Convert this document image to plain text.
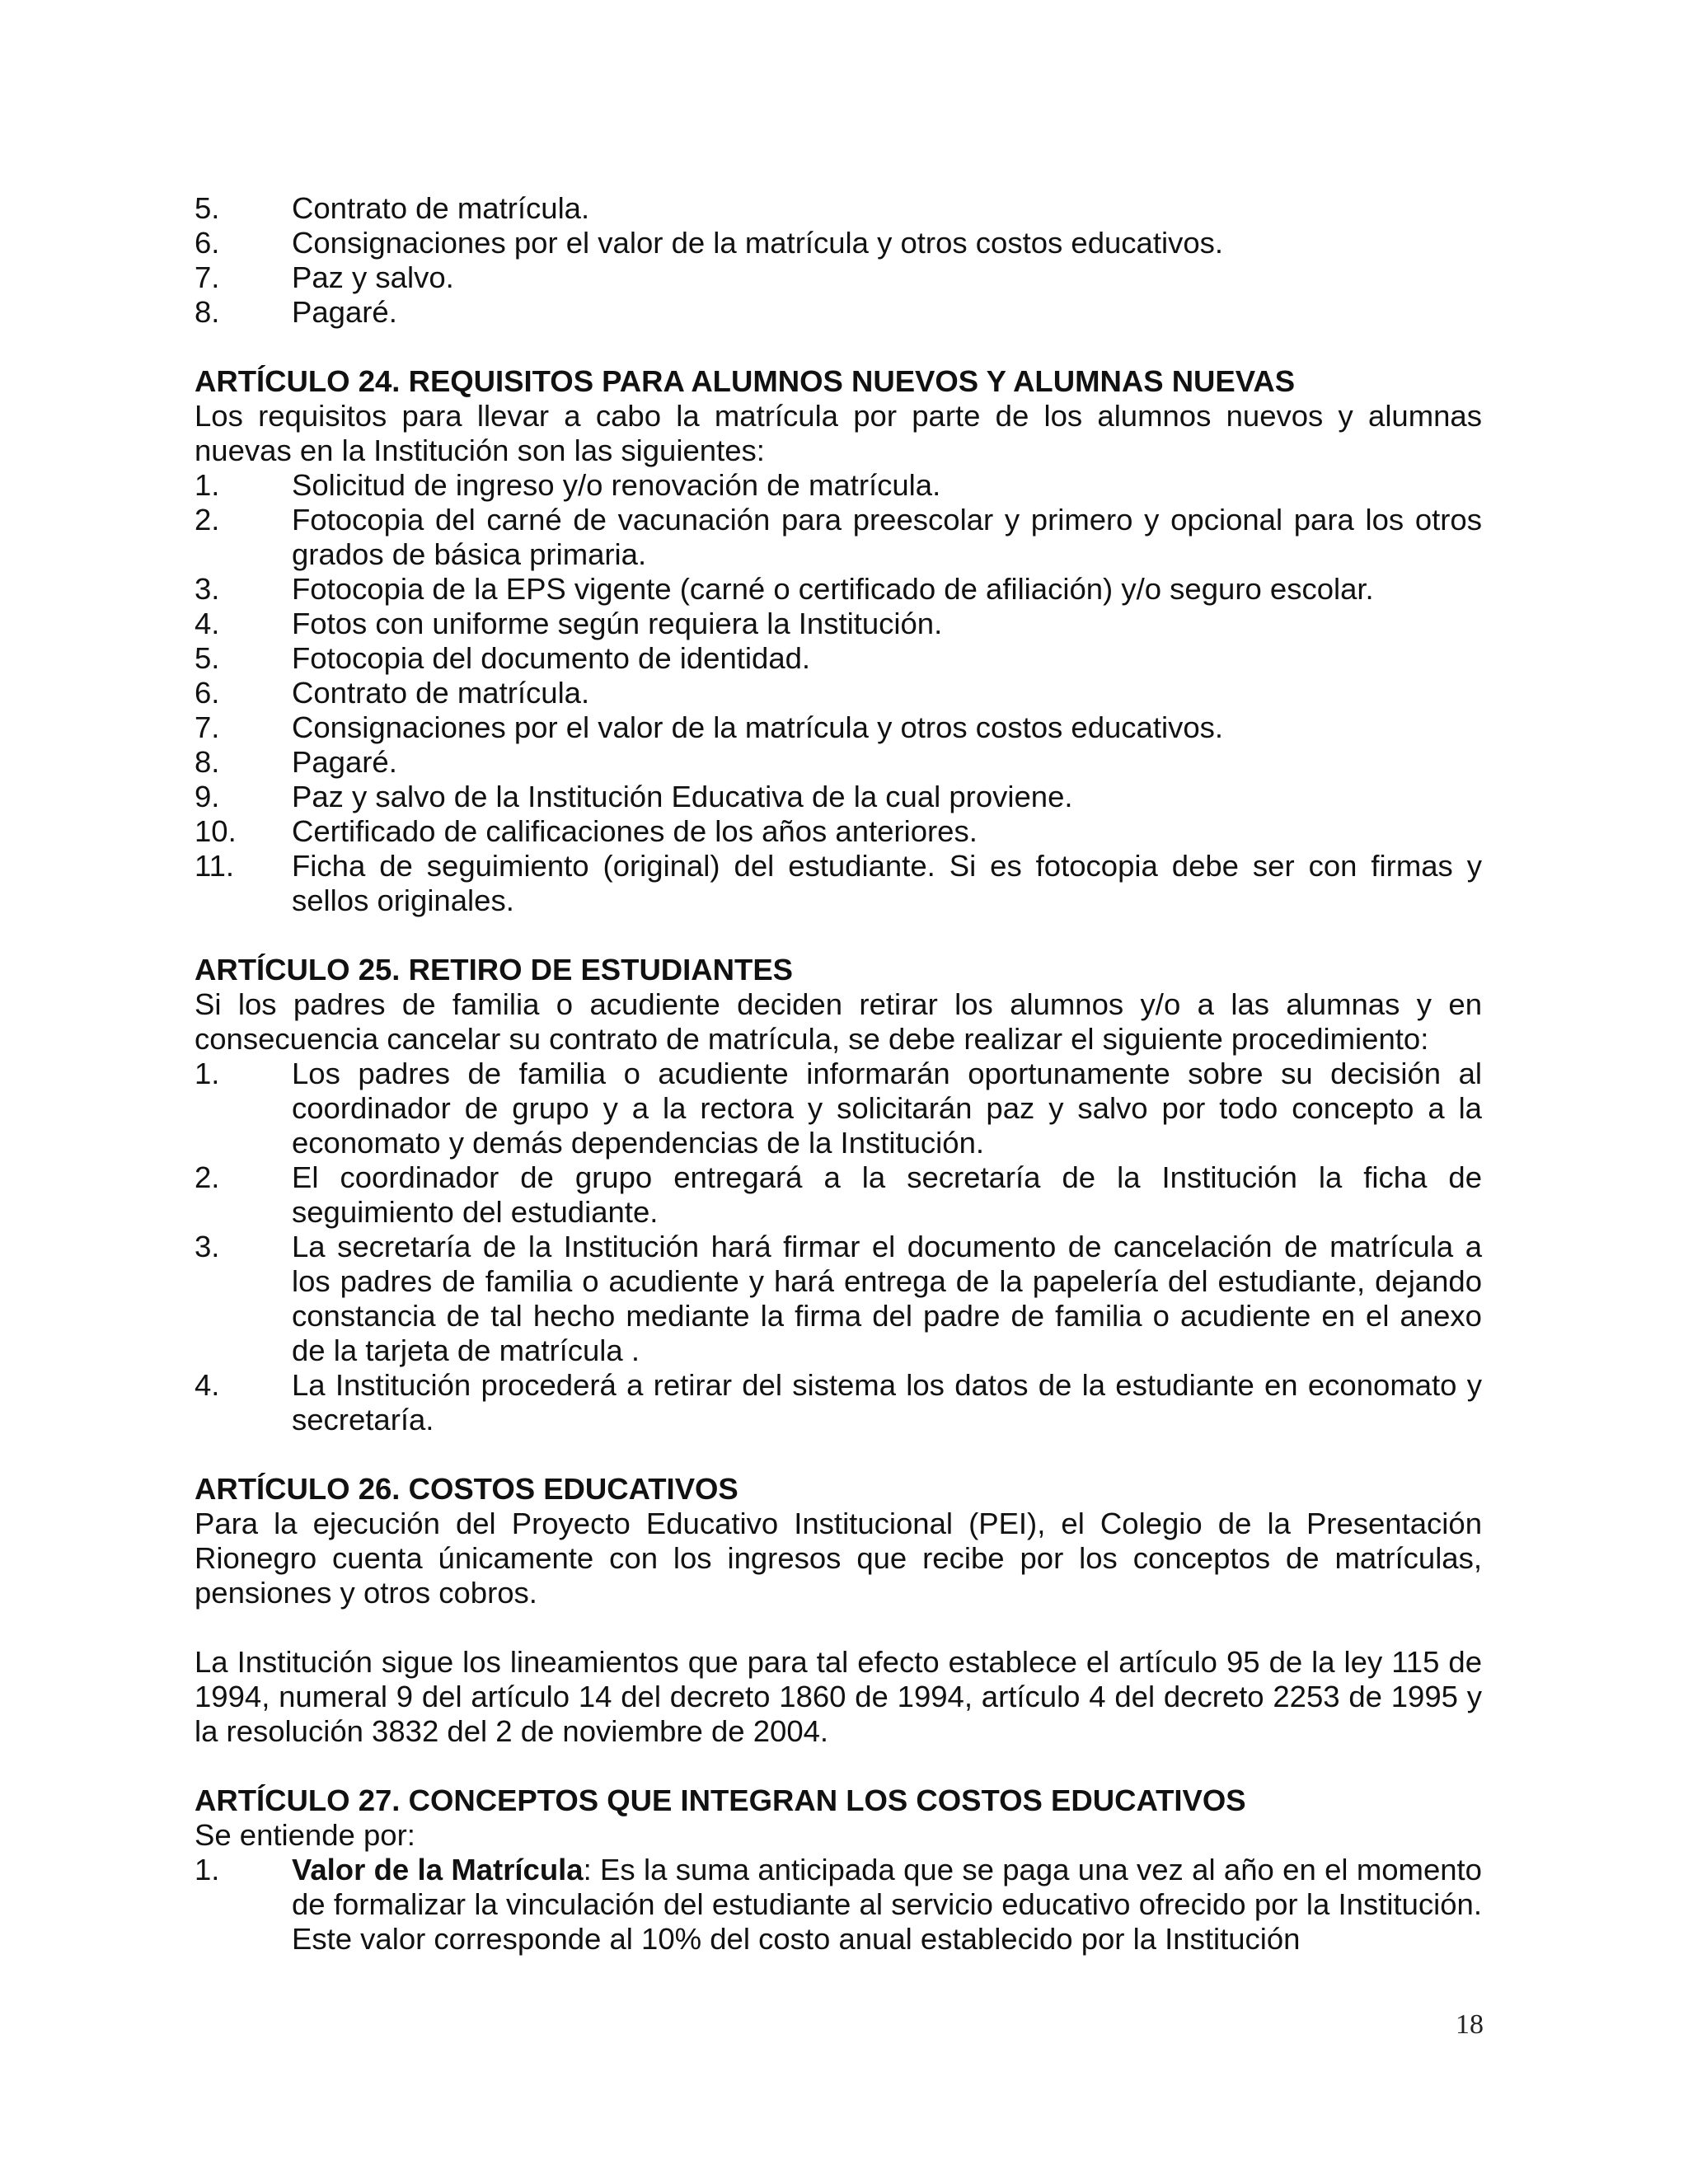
5.	Contrato de matrícula.
6.	Consignaciones por el valor de la matrícula y otros costos educativos.
7.	Paz y salvo.
8.	Pagaré.
ARTÍCULO 24. REQUISITOS PARA ALUMNOS NUEVOS Y ALUMNAS NUEVAS
Los requisitos para llevar a cabo la matrícula por parte de los alumnos nuevos y alumnas nuevas en la Institución son las siguientes:
1.	Solicitud de ingreso y/o renovación de matrícula.
2.	Fotocopia del carné de vacunación para preescolar y primero y opcional para los otros grados de básica primaria.
3.	Fotocopia de la EPS vigente (carné o certificado de afiliación) y/o seguro escolar.
4.	Fotos con uniforme según requiera la Institución.
5.	Fotocopia del documento de identidad.
6.	Contrato de matrícula.
7.	Consignaciones por el valor de la matrícula y otros costos educativos.
8.	Pagaré.
9.	Paz y salvo de la Institución Educativa de la cual proviene.
10.	Certificado de calificaciones de los años anteriores.
11.	Ficha de seguimiento (original) del estudiante. Si es fotocopia debe ser con firmas y sellos originales.
ARTÍCULO 25. RETIRO DE ESTUDIANTES
Si los padres de familia o acudiente deciden retirar los alumnos y/o a las alumnas y en consecuencia cancelar su contrato de matrícula, se debe realizar el siguiente procedimiento:
1.	Los padres de familia o acudiente informarán oportunamente sobre su decisión al coordinador de grupo y a la rectora y solicitarán paz y salvo por todo concepto a la economato y demás dependencias de la Institución.
2.	El coordinador de grupo entregará a la secretaría de la Institución la ficha de seguimiento del estudiante.
3.	La secretaría de la Institución hará firmar el documento de cancelación de matrícula a los padres de familia o acudiente y hará entrega de la papelería del estudiante, dejando constancia de tal hecho mediante la firma del padre de familia o acudiente en el anexo de la tarjeta de matrícula .
4.	La Institución procederá a retirar del sistema los datos de la estudiante en economato y secretaría.
ARTÍCULO 26. COSTOS EDUCATIVOS
Para la ejecución del Proyecto Educativo Institucional (PEI), el Colegio de la Presentación Rionegro cuenta únicamente con los ingresos que recibe por los conceptos de matrículas, pensiones y otros cobros.
La Institución sigue los lineamientos que para tal efecto establece el artículo 95 de la ley 115 de 1994, numeral 9 del artículo 14 del decreto 1860 de 1994, artículo 4 del decreto 2253 de 1995 y la resolución 3832 del 2 de noviembre de 2004.
ARTÍCULO 27. CONCEPTOS QUE INTEGRAN LOS COSTOS EDUCATIVOS
Se entiende por:
1.	Valor de la Matrícula: Es la suma anticipada que se paga una vez al año en el momento de formalizar la vinculación del estudiante al servicio educativo ofrecido por la Institución. Este valor corresponde al 10% del costo anual establecido por la Institución
18
